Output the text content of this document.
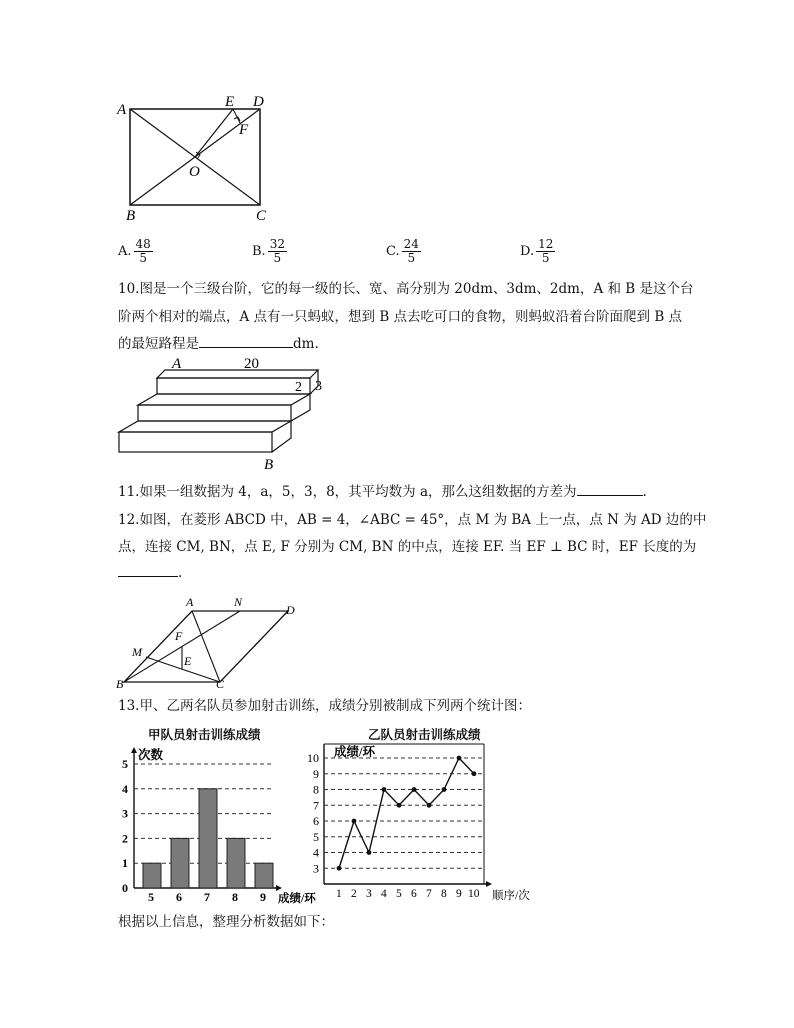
A	E D
F
O
B	C
A. $\frac{48}{5}$	B. $\frac{32}{5}$	C. $\frac{24}{5}$	D. $\frac{12}{5}$
10.图是一个三级台阶，它的每一级的长、宽、高分别为 20dm、3dm、2dm，A 和 B 是这个台
阶两个相对的端点，A 点有一只蚂蚁，想到 B 点去吃可口的食物，则蚂蚁沿着台阶面爬到 B 点
的最短路程是	dm.
A	20
2 3
B
11.如果一组数据为 4，a，5，3，8，其平均数为 a，那么这组数据的方差为	.
12.如图，在菱形 ABCD 中，AB = 4，∠ABC = 45°，点 M 为 BA 上一点，点 N 为 AD 边的中
点，连接 CM, BN，点 E, F 分别为 CM, BN 的中点，连接 EF. 当 EF ⊥ BC 时，EF 长度的为
.
A	N
D
F
M
E
B	C
13.甲、乙两名队员参加射击训练，成绩分别被制成下列两个统计图：
甲队员射击训练成绩	乙队员射击训练成绩
0
1
2
3
4
5
5 6 7 8 9
次数
成绩/环
3
4
5
6
7
8
9
10
1 2 3 4 5 6 7 8 9 10
成绩/环
顺序/次
根据以上信息，整理分析数据如下：
